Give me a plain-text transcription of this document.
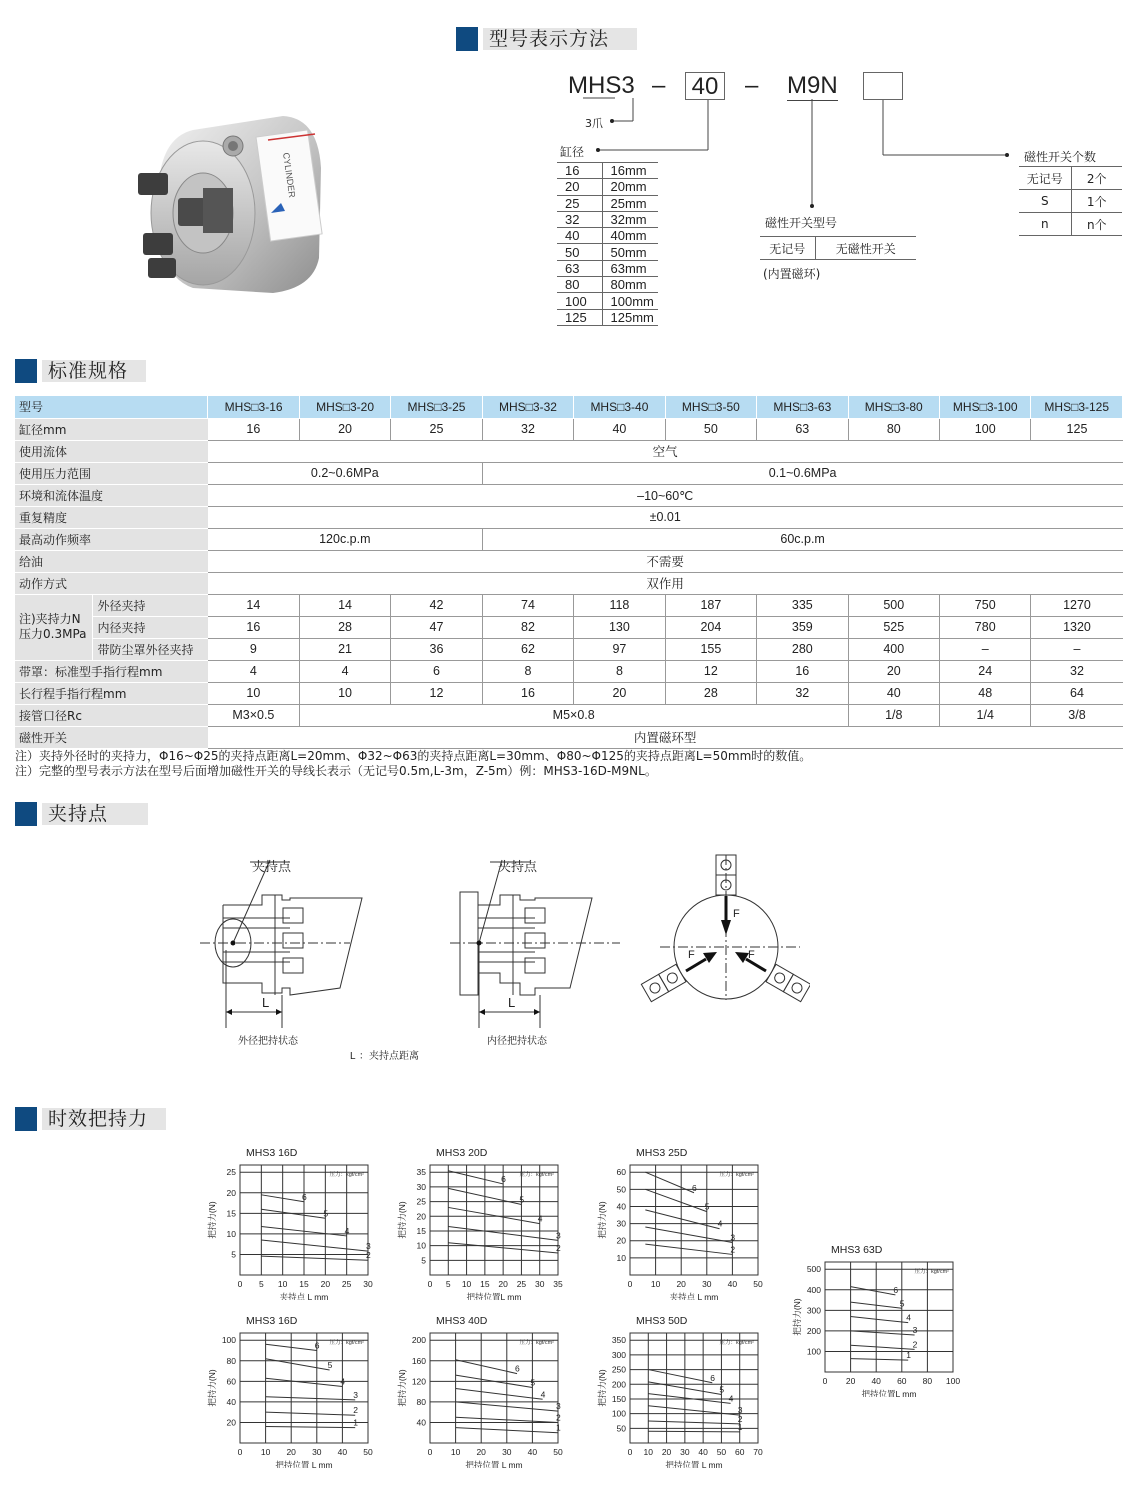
型号表示方法
CYLINDER
MHS3 – 40 – M9N
3爪
缸径
16	16mm
20	20mm
25	25mm
32	32mm
40	40mm
50	50mm
63	63mm
80	80mm
100	100mm
125	125mm
磁性开关型号
无记号	无磁性开关
(内置磁环)
磁性开关个数
无记号	2个
S	1个
n	n个
标准规格
型号		MHS□3-16	MHS□3-20	MHS□3-25	MHS□3-32	MHS□3-40	MHS□3-50	MHS□3-63	MHS□3-80	MHS□3-100	MHS□3-125
缸径mm		16	20	25	32	40	50	63	80	100	125
使用流体		空气									
使用压力范围		0.2~0.6MPa			0.1~0.6MPa						
环境和流体温度		–10~60℃									
重复精度		±0.01									
最高动作频率		120c.p.m			60c.p.m						
给油		不需要									
动作方式		双作用									
注)夹持力N
压力0.3MPa	外径夹持	14	14	42	74	118	187	335	500	750	1270
	内径夹持	16	28	47	82	130	204	359	525	780	1320
	带防尘罩外径夹持	9	21	36	62	97	155	280	400	–	–
带罩：标准型手指行程mm		4	4	6	8	8	12	16	20	24	32
长行程手指行程mm		10	10	12	16	20	28	32	40	48	64
接管口径Rc		M3×0.5	M5×0.8						1/8	1/4	3/8
磁性开关		内置磁环型									
注）夹持外径时的夹持力，Φ16~Φ25的夹持点距离L=20mm、Φ32~Φ63的夹持点距离L=30mm、Φ80~Φ125的夹持点距离L=50mm时的数值。
注）完整的型号表示方法在型号后面增加磁性开关的导线长表示（无记号0.5m,L-3m，Z-5m）例：MHS3-16D-M9NL。
夹持点
夹持点
L
外径把持状态
夹持点
L
内径把持状态
L ：夹持点距离
F
F	F
时效把持力
MHS3 16D
0 5 10 15 20 25 30
5
10
15
20
25	压力：kgf/cm²
6
5
4
3
2
夹持点 L mm
把持力(N)
MHS3 20D
0 5 10 15 20 25 30 35
5
10
15
20
25
30
35	压力：kgf/cm²
6
5
4
3
2
把持位置L mm
把持力(N)
MHS3 25D
0 10 20 30 40 50
10
20
30
40
50
60	压力：kgf/cm²
6
5
4
3
2
夹持点 L mm
把持力(N)
MHS3 63D
0 20 40 60 80 100
100
200
300
400
500	压力：kgf/cm²
6
5
4
3
2
1
把持位置L mm
把持力(N)
MHS3 16D
0 10 20 30 40 50
20
40
60
80
100	压力：kgf/cm²
6
5
4
3
2
1
把持位置 L mm
把持力(N)
MHS3 40D
0 10 20 30 40 50
40
80
120
160
200	压力：kgf/cm²
6
5
4
3
2
1
把持位置 L mm
把持力(N)
MHS3 50D
0 10 20 30 40 50 60 70
50
100
150
200
250
300
350	压力：kgf/cm²
6
5
4
3
2
1
把持位置 L mm
把持力(N)
